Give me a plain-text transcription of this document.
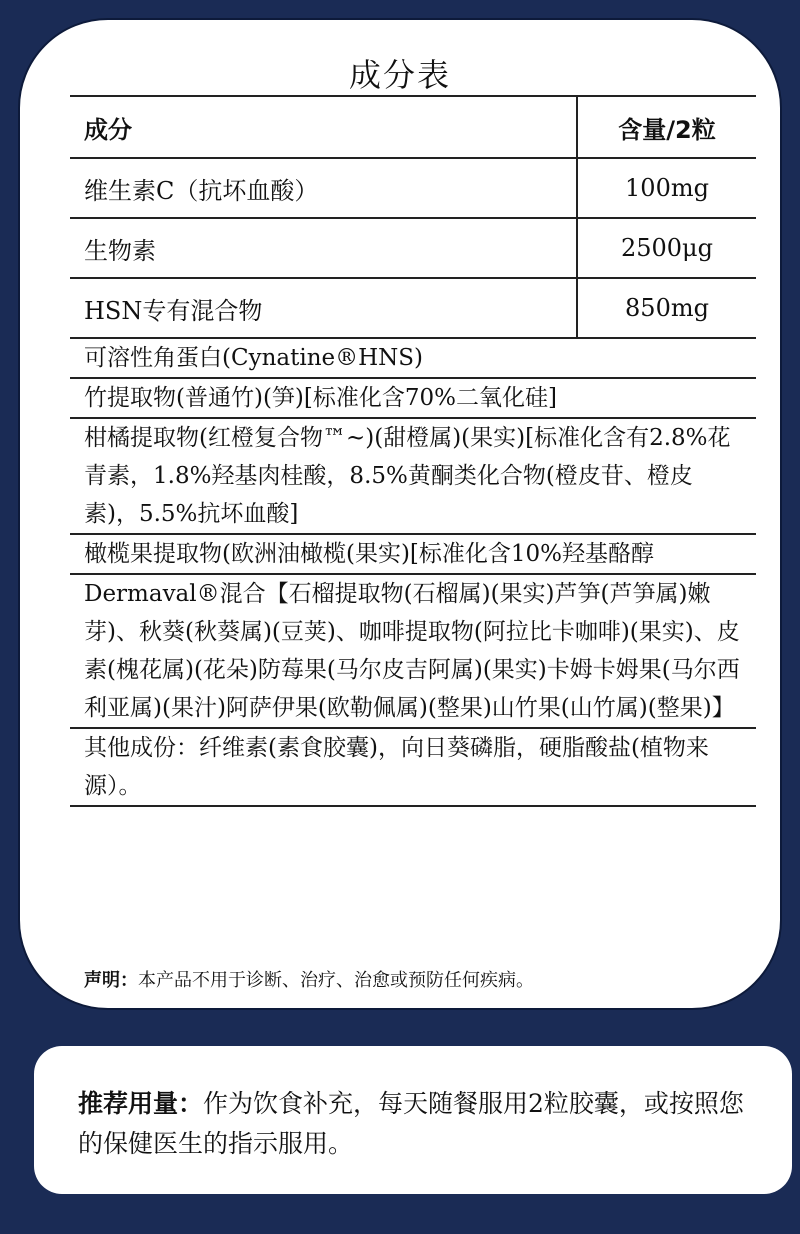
成分表
成分	含量/2粒
维生素C（抗坏血酸）	100mg
生物素	2500μg
HSN专有混合物	850mg
可溶性角蛋白(Cynatine®HNS)	
竹提取物(普通竹)(笋)[标准化含70%二氧化硅]	
柑橘提取物(红橙复合物™~)(甜橙属)(果实)[标准化含有2.8%花青素，1.8%羟基肉桂酸，8.5%黄酮类化合物(橙皮苷、橙皮素)，5.5%抗坏血酸]	
橄榄果提取物(欧洲油橄榄(果实)[标准化含10%羟基酪醇	
Dermaval®混合【石榴提取物(石榴属)(果实)芦笋(芦笋属)嫩芽)、秋葵(秋葵属)(豆荚)、咖啡提取物(阿拉比卡咖啡)(果实)、皮素(槐花属)(花朵)防莓果(马尔皮吉阿属)(果实)卡姆卡姆果(马尔西利亚属)(果汁)阿萨伊果(欧勒佩属)(整果)山竹果(山竹属)(整果)】	
其他成份：纤维素(素食胶囊)，向日葵磷脂，硬脂酸盐(植物来源）。	
声明：本产品不用于诊断、治疗、治愈或预防任何疾病。
推荐用量：作为饮食补充，每天随餐服用2粒胶囊，或按照您的保健医生的指示服用。
